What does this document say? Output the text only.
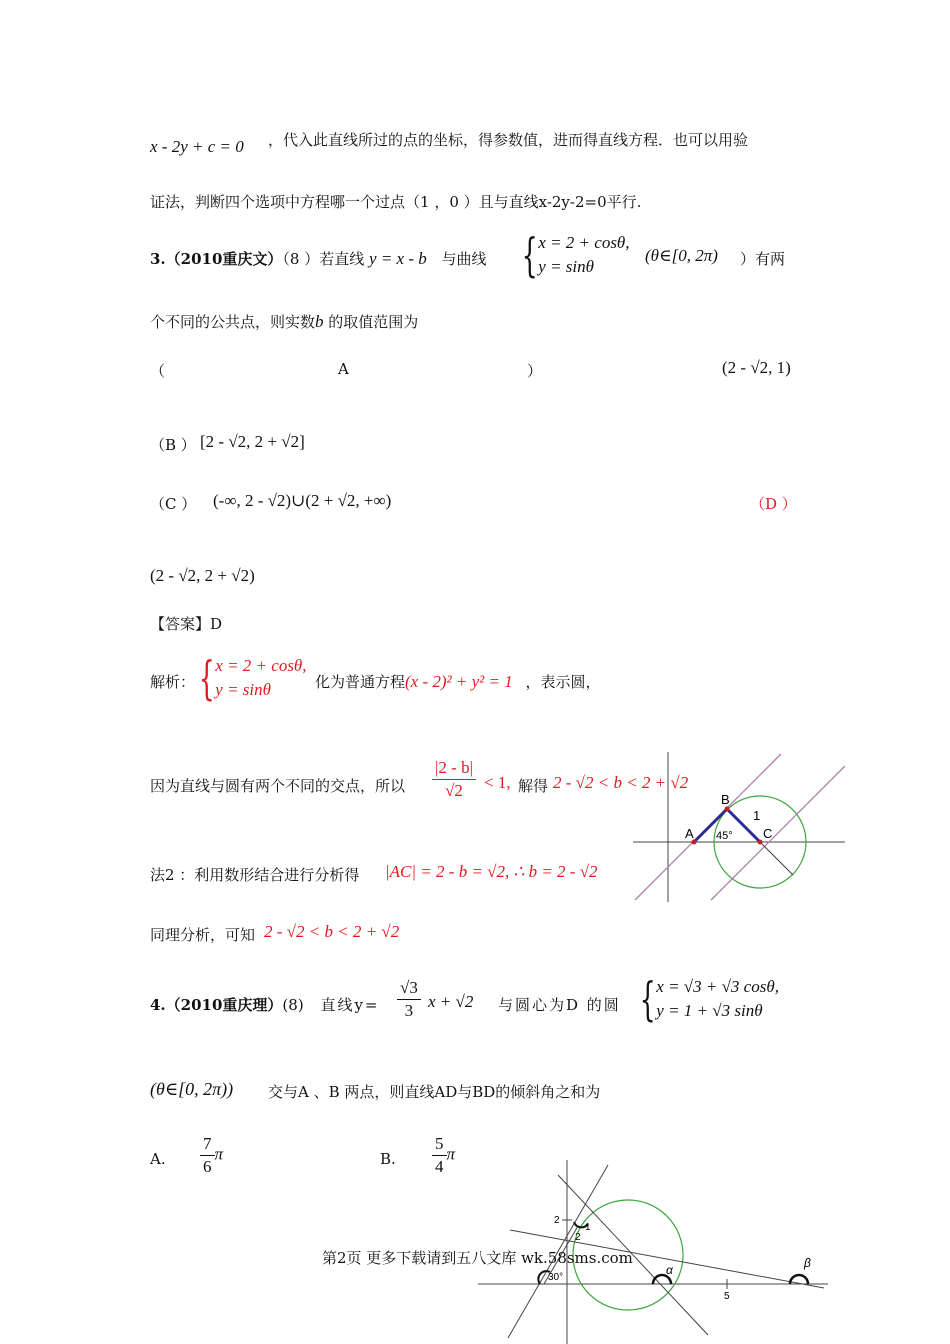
x - 2y + c = 0 ，代入此直线所过的点的坐标，得参数值，进而得直线方程．也可以用验
证法，判断四个选项中方程哪一个过点（1 ，0 ）且与直线x-2y-2=0平行.
3.（2010重庆文）（8 ）若直线 y = x - b 与曲线 { x = 2 + cosθ,
y = sinθ
(θ∈[0, 2π) ）有两
个不同的公共点，则实数b 的取值范围为
（	A	）	(2 - √2, 1)
（B ） [2 - √2, 2 + √2]
（C ） (-∞, 2 - √2)∪(2 + √2, +∞)	（D ）
(2 - √2, 2 + √2)
【答案】D
解析： { x = 2 + cosθ,
y = sinθ	化为普通方程(x - 2)² + y² = 1 ，表示圆，
因为直线与圆有两个不同的交点，所以 $\frac{|2 - b|}{√2} < 1$, 解得 2 - √2 < b < 2 + √2
法2 ：利用数形结合进行分析得 |AC| = 2 - b = √2, ∴ b = 2 - √2
同理分析，可知 2 - √2 < b < 2 + √2
A
B
C
1
45°
4.（2010重庆理）(8) 直线$y= \frac{√3}{3}$ x + √2 与圆心为D 的圆 { x = √3 + √3 cosθ,
y = 1 + √3 sinθ
(θ∈[0, 2π)) 交与A 、B 两点，则直线AD与BD的倾斜角之和为
A. $\frac{7}{6}$ π	B. $\frac{5}{4}$ π
2
1
2
5
30°
α	β
第2页 更多下载请到五八文库 wk.58sms.com
